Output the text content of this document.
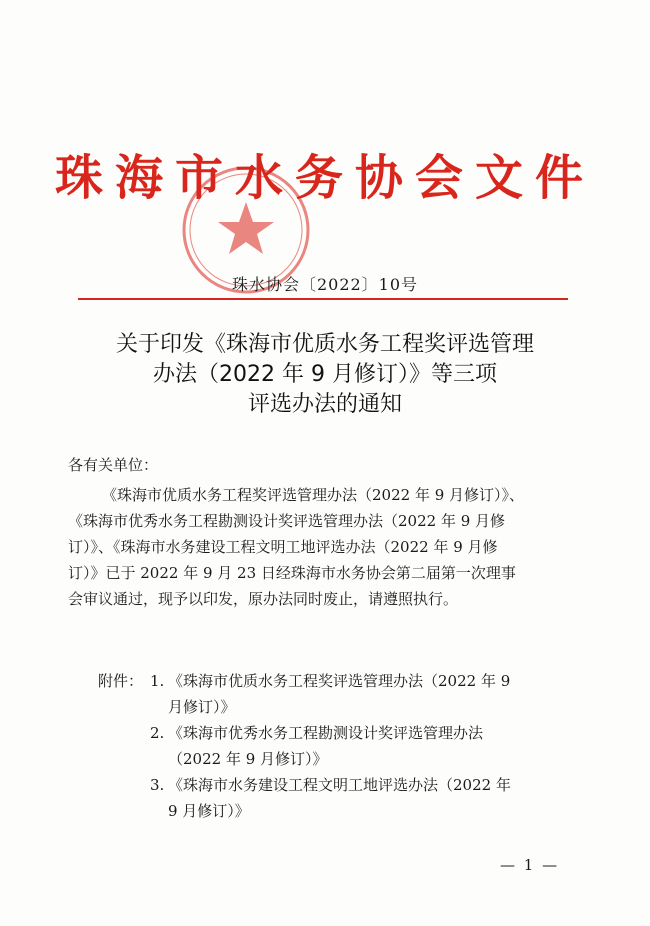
珠海市水务协会文件
珠水协会〔2022〕10号
关于印发《珠海市优质水务工程奖评选管理
办法（2022 年 9 月修订）》等三项
评选办法的通知
各有关单位：
《珠海市优质水务工程奖评选管理办法（2022 年 9 月修订）》、
《珠海市优秀水务工程勘测设计奖评选管理办法（2022 年 9 月修
订）》、《珠海市水务建设工程文明工地评选办法（2022 年 9 月修
订）》已于 2022 年 9 月 23 日经珠海市水务协会第二届第一次理事
会审议通过，现予以印发，原办法同时废止，请遵照执行。
附件： 1. 《珠海市优质水务工程奖评选管理办法（2022 年 9
月修订）》
2. 《珠海市优秀水务工程勘测设计奖评选管理办法
（2022 年 9 月修订）》
3. 《珠海市水务建设工程文明工地评选办法（2022 年
9 月修订）》
— 1 —
